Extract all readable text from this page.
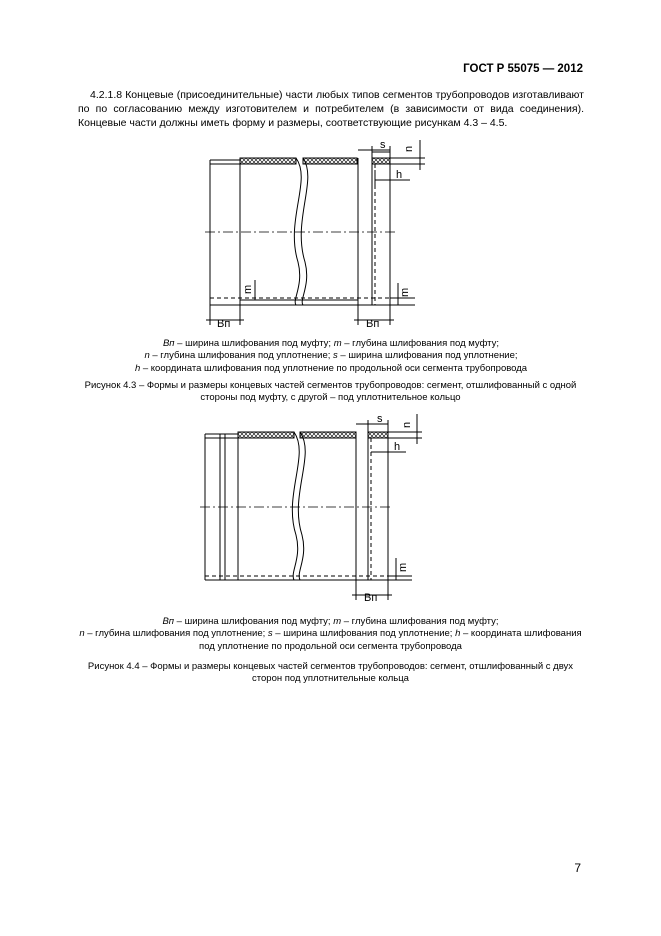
ГОСТ Р 55075 — 2012

4.2.1.8 Концевые (присоединительные) части любых типов сегментов трубопроводов изготавливают по по согласованию между изготовителем и потребителем (в зависимости от вида соединения). Концевые части должны иметь форму и размеры, соответствующие рисункам 4.3 – 4.5.

s n
h
m	m
Bп	Bп
Bп – ширина шлифования под муфту; m – глубина шлифования под муфту;
n – глубина шлифования под уплотнение; s – ширина шлифования под уплотнение;
h – координата шлифования под уплотнение по продольной оси сегмента трубопровода
Рисунок 4.3 – Формы и размеры концевых частей сегментов трубопроводов: сегмент, отшлифованный с одной
стороны под муфту, с другой – под уплотнительное кольцо
s n
h
m
Bп
Bп – ширина шлифования под муфту; m – глубина шлифования под муфту;
n – глубина шлифования под уплотнение; s – ширина шлифования под уплотнение; h – координата шлифования
под уплотнение по продольной оси сегмента трубопровода
Рисунок 4.4 – Формы и размеры концевых частей сегментов трубопроводов: сегмент, отшлифованный с двух
сторон под уплотнительные кольца
7
